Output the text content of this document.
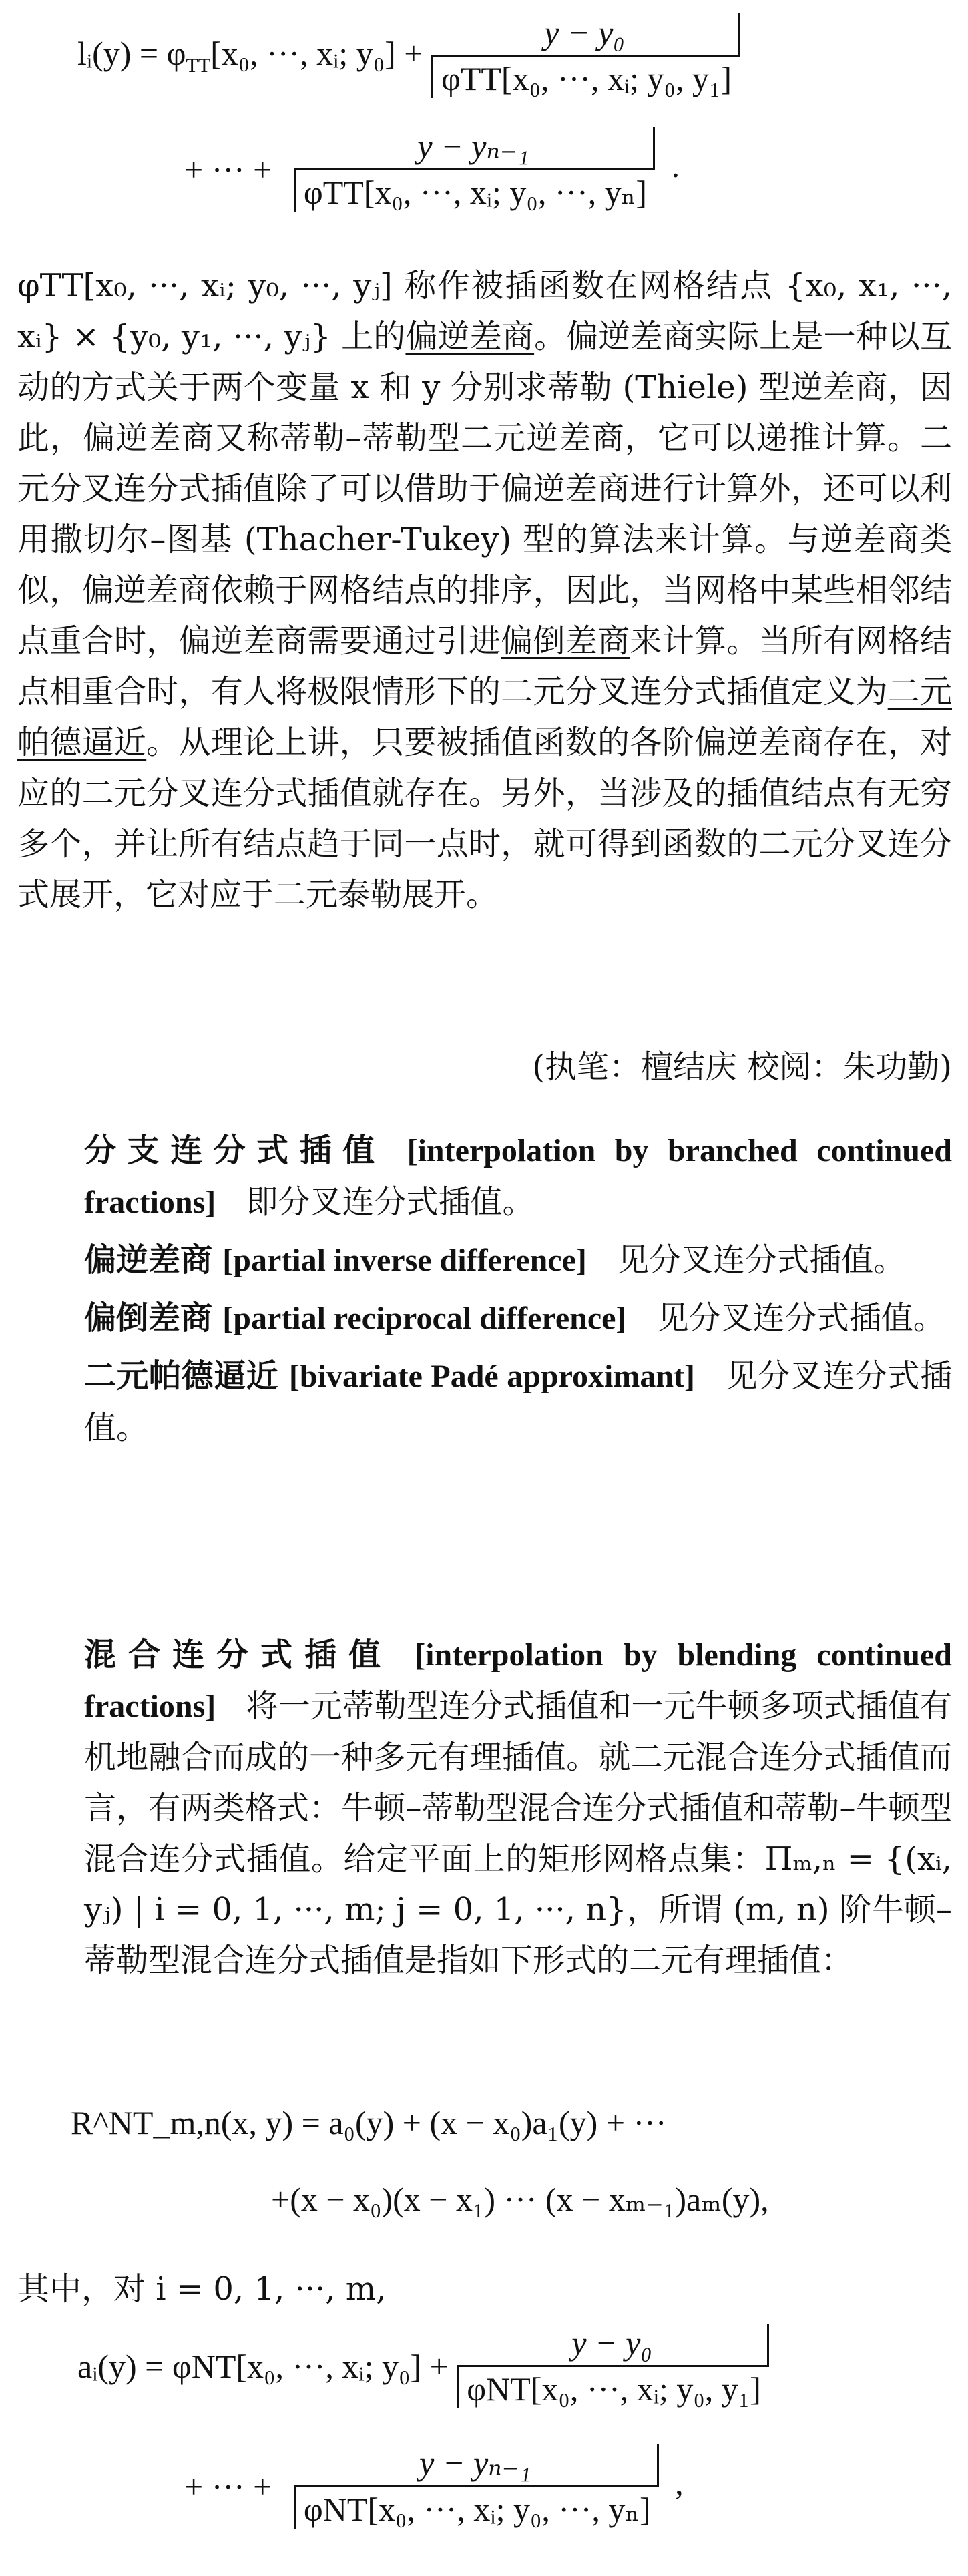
lᵢ(y) = $\varphi_{TT}[x_0$, ···, xᵢ; $y_0] + \frac{\text{y − y₀}}{\text{φTT[x₀, ···, xᵢ; y₀, y₁]}}$
+ ··· + $\frac{\text{y − yₙ₋₁}}{\text{φTT[x₀, ···, xᵢ; y₀, ···, yₙ]}}$ .

φTT[x₀, ···, xᵢ; y₀, ···, yⱼ] 称作被插函数在网格结点 {x₀, x₁, ···, xᵢ} × {y₀, y₁, ···, yⱼ} 上的偏逆差商。偏逆差商实际上是一种以互动的方式关于两个变量 x 和 y 分别求蒂勒 (Thiele) 型逆差商，因此，偏逆差商又称蒂勒–蒂勒型二元逆差商，它可以递推计算。二元分叉连分式插值除了可以借助于偏逆差商进行计算外，还可以利用撒切尔–图基 (Thacher-Tukey) 型的算法来计算。与逆差商类似，偏逆差商依赖于网格结点的排序，因此，当网格中某些相邻结点重合时，偏逆差商需要通过引进偏倒差商来计算。当所有网格结点相重合时，有人将极限情形下的二元分叉连分式插值定义为二元帕德逼近。从理论上讲，只要被插值函数的各阶偏逆差商存在，对应的二元分叉连分式插值就存在。另外，当涉及的插值结点有无穷多个，并让所有结点趋于同一点时，就可得到函数的二元分叉连分式展开，它对应于二元泰勒展开。

(执笔：檀结庆 校阅：朱功勤)

分支连分式插值 [interpolation by branched continued fractions] 即分叉连分式插值。

偏逆差商 [partial inverse difference] 见分叉连分式插值。

偏倒差商 [partial reciprocal difference] 见分叉连分式插值。

二元帕德逼近 [bivariate Padé approximant] 见分叉连分式插值。

混合连分式插值 [interpolation by blending continued fractions] 将一元蒂勒型连分式插值和一元牛顿多项式插值有机地融合而成的一种多元有理插值。就二元混合连分式插值而言，有两类格式：牛顿–蒂勒型混合连分式插值和蒂勒–牛顿型混合连分式插值。给定平面上的矩形网格点集：Πₘ,ₙ = {(xᵢ, yⱼ) | i = 0, 1, ···, m; j = 0, 1, ···, n}，所谓 (m, n) 阶牛顿–蒂勒型混合连分式插值是指如下形式的二元有理插值：

R^NT_m,n(x, y) = a₀(y) + (x − x₀)a₁(y) + ···
+(x − x₀)(x − x₁) ··· (x − xₘ₋₁)aₘ(y),

其中，对 i = 0, 1, ···, m,

aᵢ(y) = φNT[x₀, ···, xᵢ; $y_0] + \frac{\text{y − y₀}}{\text{φNT[x₀, ···, xᵢ; y₀, y₁]}}$
+ ··· + $\frac{\text{y − yₙ₋₁}}{\text{φNT[x₀, ···, xᵢ; y₀, ···, yₙ]}}$ ,
